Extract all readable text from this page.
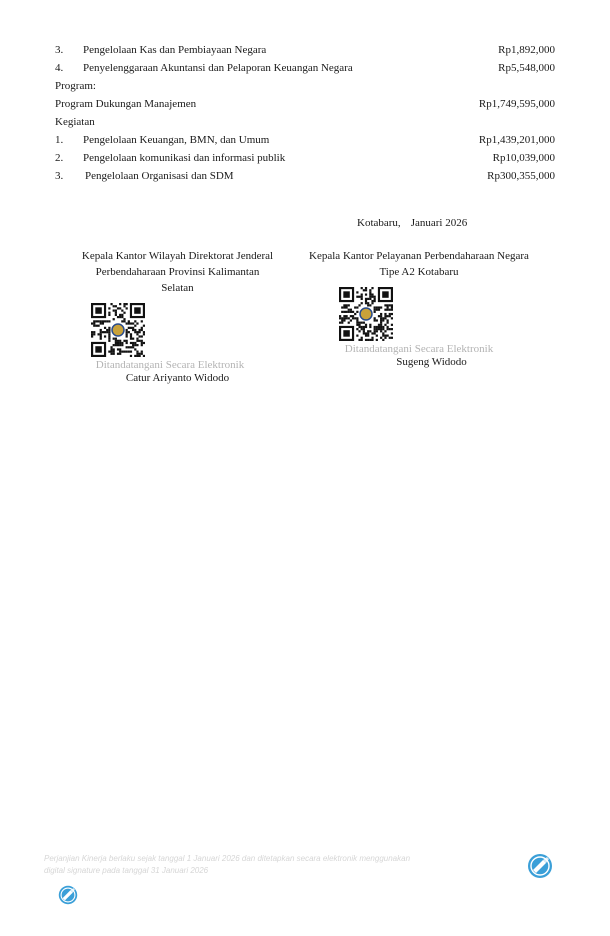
3. Pengelolaan Kas dan Pembiayaan Negara	Rp1,892,000
4. Penyelenggaraan Akuntansi dan Pelaporan Keuangan Negara	Rp5,548,000
Program:
Program Dukungan Manajemen	Rp1,749,595,000
Kegiatan
1. Pengelolaan Keuangan, BMN, dan Umum	Rp1,439,201,000
2. Pengelolaan komunikasi dan informasi publik	Rp10,039,000
3. Pengelolaan Organisasi dan SDM	Rp300,355,000
Kotabaru, Januari 2026
Kepala Kantor Wilayah Direktorat Jenderal
Perbendaharaan Provinsi Kalimantan
Selatan
Ditandatangani Secara Elektronik
Catur Ariyanto Widodo
Kepala Kantor Pelayanan Perbendaharaan Negara
Tipe A2 Kotabaru
Ditandatangani Secara Elektronik
Sugeng Widodo
Perjanjian Kinerja berlaku sejak tanggal 1 Januari 2026 dan ditetapkan secara elektronik menggunakan
digital signature pada tanggal 31 Januari 2026
